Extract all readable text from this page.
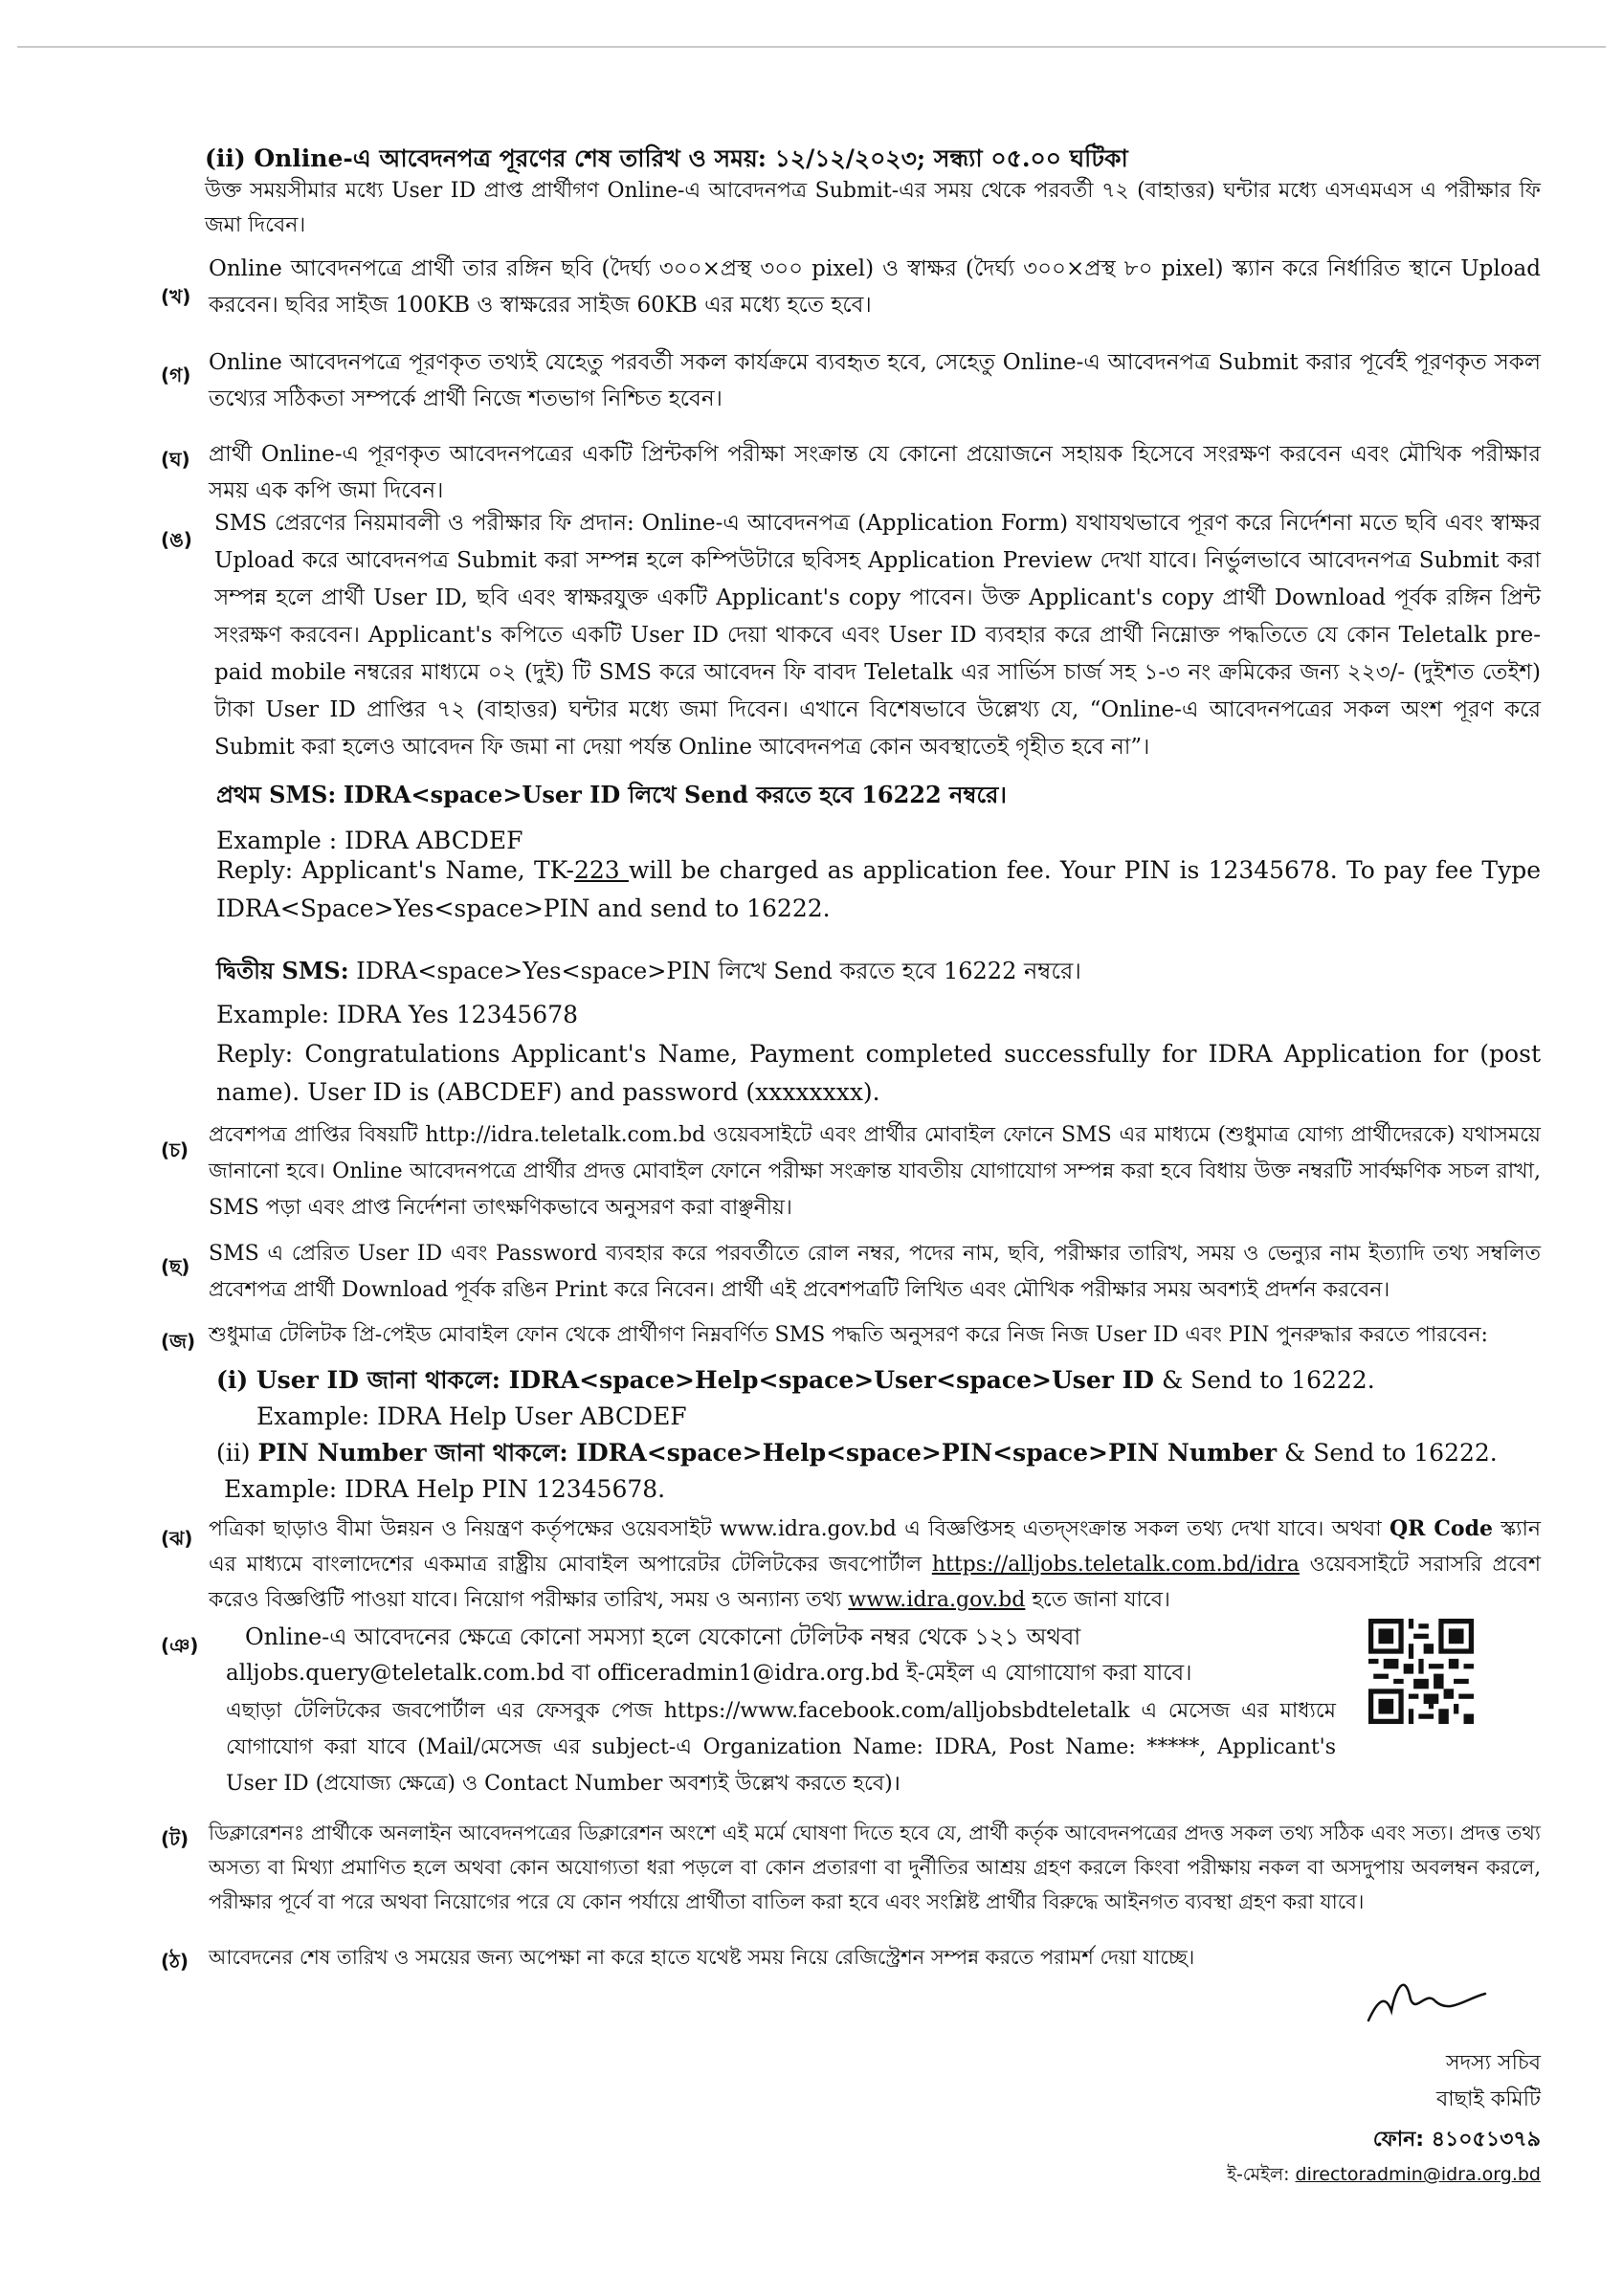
(ii) Online-এ আবেদনপত্র পূরণের শেষ তারিখ ও সময়: ১২/১২/২০২৩; সন্ধ্যা ০৫.০০ ঘটিকা
উক্ত সময়সীমার মধ্যে User ID প্রাপ্ত প্রার্থীগণ Online-এ আবেদনপত্র Submit-এর সময় থেকে পরবর্তী ৭২ (বাহাত্তর) ঘন্টার মধ্যে এসএমএস এ পরীক্ষার ফি জমা দিবেন।
(খ)
Online আবেদনপত্রে প্রার্থী তার রঙ্গিন ছবি (দৈর্ঘ্য ৩০০×প্রস্থ ৩০০ pixel) ও স্বাক্ষর (দৈর্ঘ্য ৩০০×প্রস্থ ৮০ pixel) স্ক্যান করে নির্ধারিত স্থানে Upload করবেন। ছবির সাইজ 100KB ও স্বাক্ষরের সাইজ 60KB এর মধ্যে হতে হবে।
(গ) Online আবেদনপত্রে পূরণকৃত তথ্যই যেহেতু পরবর্তী সকল কার্যক্রমে ব্যবহৃত হবে, সেহেতু Online-এ আবেদনপত্র Submit করার পূর্বেই পূরণকৃত সকল তথ্যের সঠিকতা সম্পর্কে প্রার্থী নিজে শতভাগ নিশ্চিত হবেন।
(ঘ) প্রার্থী Online-এ পূরণকৃত আবেদনপত্রের একটি প্রিন্টকপি পরীক্ষা সংক্রান্ত যে কোনো প্রয়োজনে সহায়ক হিসেবে সংরক্ষণ করবেন এবং মৌখিক পরীক্ষার সময় এক কপি জমা দিবেন।
(ঙ)
SMS প্রেরণের নিয়মাবলী ও পরীক্ষার ফি প্রদান: Online-এ আবেদনপত্র (Application Form) যথাযথভাবে পূরণ করে নির্দেশনা মতে ছবি এবং স্বাক্ষর Upload করে আবেদনপত্র Submit করা সম্পন্ন হলে কম্পিউটারে ছবিসহ Application Preview দেখা যাবে। নির্ভুলভাবে আবেদনপত্র Submit করা সম্পন্ন হলে প্রার্থী User ID, ছবি এবং স্বাক্ষরযুক্ত একটি Applicant's copy পাবেন। উক্ত Applicant's copy প্রার্থী Download পূর্বক রঙ্গিন প্রিন্ট সংরক্ষণ করবেন। Applicant's কপিতে একটি User ID দেয়া থাকবে এবং User ID ব্যবহার করে প্রার্থী নিম্নোক্ত পদ্ধতিতে যে কোন Teletalk pre-paid mobile নম্বরের মাধ্যমে ০২ (দুই) টি SMS করে আবেদন ফি বাবদ Teletalk এর সার্ভিস চার্জ সহ ১-৩ নং ক্রমিকের জন্য ২২৩/- (দুইশত তেইশ) টাকা User ID প্রাপ্তির ৭২ (বাহাত্তর) ঘন্টার মধ্যে জমা দিবেন। এখানে বিশেষভাবে উল্লেখ্য যে, “Online-এ আবেদনপত্রের সকল অংশ পূরণ করে Submit করা হলেও আবেদন ফি জমা না দেয়া পর্যন্ত Online আবেদনপত্র কোন অবস্থাতেই গৃহীত হবে না”।
প্রথম SMS: IDRA<space>User ID লিখে Send করতে হবে 16222 নম্বরে।
Example : IDRA ABCDEF
Reply: Applicant's Name, TK-223 will be charged as application fee. Your PIN is 12345678. To pay fee Type IDRA<Space>Yes<space>PIN and send to 16222.
দ্বিতীয় SMS: IDRA<space>Yes<space>PIN লিখে Send করতে হবে 16222 নম্বরে।
Example: IDRA Yes 12345678
Reply: Congratulations Applicant's Name, Payment completed successfully for IDRA Application for (post name). User ID is (ABCDEF) and password (xxxxxxxx).
(চ)
প্রবেশপত্র প্রাপ্তির বিষয়টি http://idra.teletalk.com.bd ওয়েবসাইটে এবং প্রার্থীর মোবাইল ফোনে SMS এর মাধ্যমে (শুধুমাত্র যোগ্য প্রার্থীদেরকে) যথাসময়ে জানানো হবে। Online আবেদনপত্রে প্রার্থীর প্রদত্ত মোবাইল ফোনে পরীক্ষা সংক্রান্ত যাবতীয় যোগাযোগ সম্পন্ন করা হবে বিধায় উক্ত নম্বরটি সার্বক্ষণিক সচল রাখা, SMS পড়া এবং প্রাপ্ত নির্দেশনা তাৎক্ষণিকভাবে অনুসরণ করা বাঞ্ছনীয়।
(ছ)
SMS এ প্রেরিত User ID এবং Password ব্যবহার করে পরবর্তীতে রোল নম্বর, পদের নাম, ছবি, পরীক্ষার তারিখ, সময় ও ভেন্যুর নাম ইত্যাদি তথ্য সম্বলিত প্রবেশপত্র প্রার্থী Download পূর্বক রঙিন Print করে নিবেন। প্রার্থী এই প্রবেশপত্রটি লিখিত এবং মৌখিক পরীক্ষার সময় অবশ্যই প্রদর্শন করবেন।
(জ) শুধুমাত্র টেলিটক প্রি-পেইড মোবাইল ফোন থেকে প্রার্থীগণ নিম্নবর্ণিত SMS পদ্ধতি অনুসরণ করে নিজ নিজ User ID এবং PIN পুনরুদ্ধার করতে পারবেন:
(i) User ID জানা থাকলে: IDRA<space>Help<space>User<space>User ID & Send to 16222.
Example: IDRA Help User ABCDEF
(ii) PIN Number জানা থাকলে: IDRA<space>Help<space>PIN<space>PIN Number & Send to 16222.
Example: IDRA Help PIN 12345678.
(ঝ) পত্রিকা ছাড়াও বীমা উন্নয়ন ও নিয়ন্ত্রণ কর্তৃপক্ষের ওয়েবসাইট www.idra.gov.bd এ বিজ্ঞপ্তিসহ এতদ্‌সংক্রান্ত সকল তথ্য দেখা যাবে। অথবা QR Code স্ক্যান এর মাধ্যমে বাংলাদেশের একমাত্র রাষ্ট্রীয় মোবাইল অপারেটর টেলিটকের জবপোর্টাল https://alljobs.teletalk.com.bd/idra ওয়েবসাইটে সরাসরি প্রবেশ করেও বিজ্ঞপ্তিটি পাওয়া যাবে। নিয়োগ পরীক্ষার তারিখ, সময় ও অন্যান্য তথ্য www.idra.gov.bd হতে জানা যাবে।
(ঞ) Online-এ আবেদনের ক্ষেত্রে কোনো সমস্যা হলে যেকোনো টেলিটক নম্বর থেকে ১২১ অথবা
alljobs.query@teletalk.com.bd বা officeradmin1@idra.org.bd ই-মেইল এ যোগাযোগ করা যাবে।
এছাড়া টেলিটকের জবপোর্টাল এর ফেসবুক পেজ https://www.facebook.com/alljobsbdteletalk এ মেসেজ এর মাধ্যমে যোগাযোগ করা যাবে (Mail/মেসেজ এর subject-এ Organization Name: IDRA, Post Name: *****, Applicant's User ID (প্রযোজ্য ক্ষেত্রে) ও Contact Number অবশ্যই উল্লেখ করতে হবে)।
(ট) ডিক্লারেশনঃ প্রার্থীকে অনলাইন আবেদনপত্রের ডিক্লারেশন অংশে এই মর্মে ঘোষণা দিতে হবে যে, প্রার্থী কর্তৃক আবেদনপত্রের প্রদত্ত সকল তথ্য সঠিক এবং সত্য। প্রদত্ত তথ্য অসত্য বা মিথ্যা প্রমাণিত হলে অথবা কোন অযোগ্যতা ধরা পড়লে বা কোন প্রতারণা বা দুর্নীতির আশ্রয় গ্রহণ করলে কিংবা পরীক্ষায় নকল বা অসদুপায় অবলম্বন করলে, পরীক্ষার পূর্বে বা পরে অথবা নিয়োগের পরে যে কোন পর্যায়ে প্রার্থীতা বাতিল করা হবে এবং সংশ্লিষ্ট প্রার্থীর বিরুদ্ধে আইনগত ব্যবস্থা গ্রহণ করা যাবে।
(ঠ) আবেদনের শেষ তারিখ ও সময়ের জন্য অপেক্ষা না করে হাতে যথেষ্ট সময় নিয়ে রেজিস্ট্রেশন সম্পন্ন করতে পরামর্শ দেয়া যাচ্ছে।
সদস্য সচিব
বাছাই কমিটি
ফোন: ৪১০৫১৩৭৯
ই-মেইল: directoradmin@idra.org.bd
